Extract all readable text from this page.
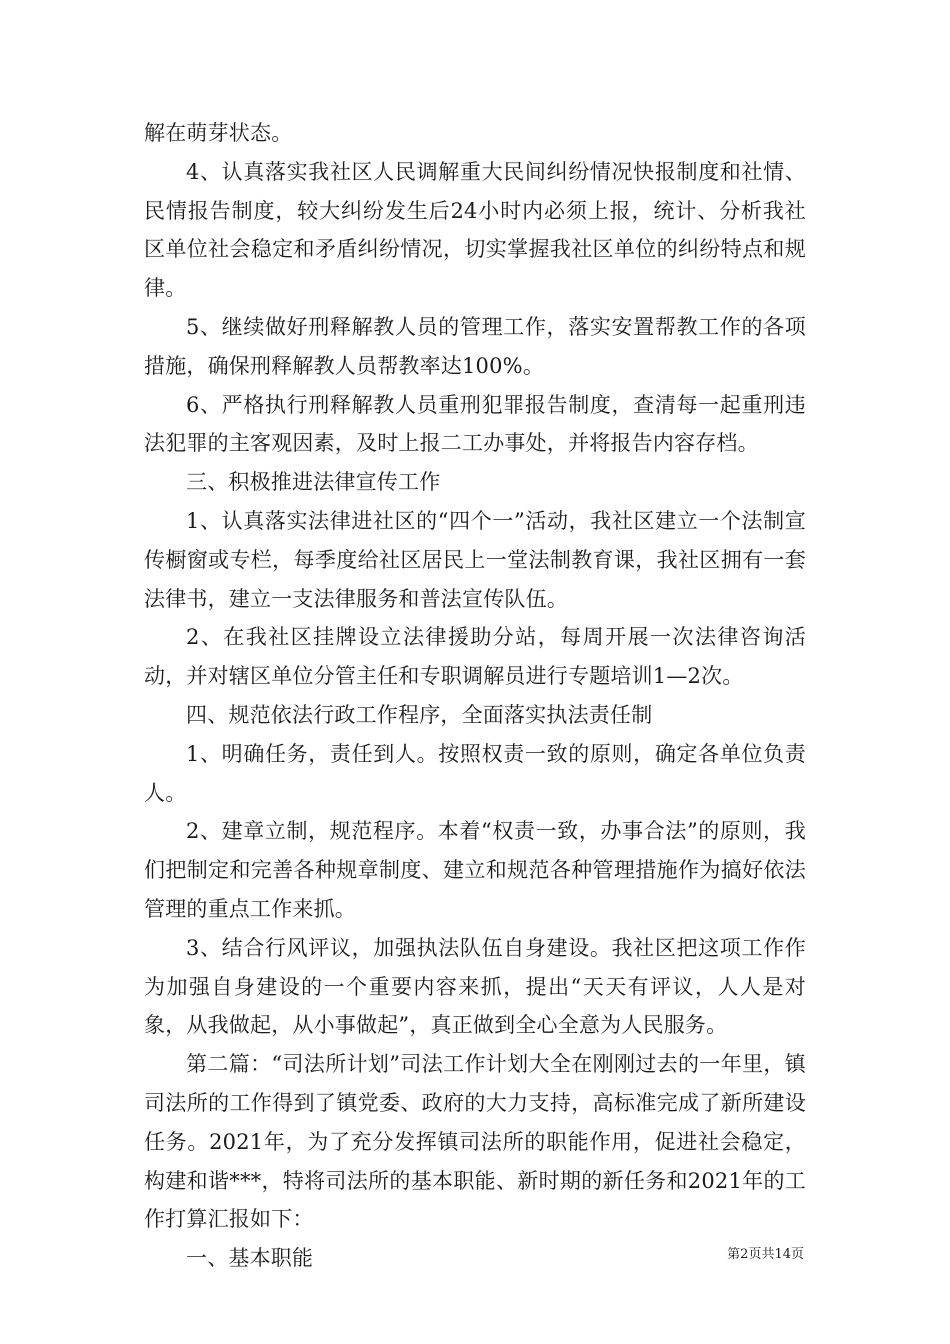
解在萌芽状态。

4、认真落实我社区人民调解重大民间纠纷情况快报制度和社情、民情报告制度，较大纠纷发生后24小时内必须上报，统计、分析我社区单位社会稳定和矛盾纠纷情况，切实掌握我社区单位的纠纷特点和规律。

5、继续做好刑释解教人员的管理工作，落实安置帮教工作的各项措施，确保刑释解教人员帮教率达100%。

6、严格执行刑释解教人员重刑犯罪报告制度，查清每一起重刑违法犯罪的主客观因素，及时上报二工办事处，并将报告内容存档。

三、积极推进法律宣传工作

1、认真落实法律进社区的“四个一”活动，我社区建立一个法制宣传橱窗或专栏，每季度给社区居民上一堂法制教育课，我社区拥有一套法律书，建立一支法律服务和普法宣传队伍。

2、在我社区挂牌设立法律援助分站，每周开展一次法律咨询活动，并对辖区单位分管主任和专职调解员进行专题培训1—2次。

四、规范依法行政工作程序，全面落实执法责任制

1、明确任务，责任到人。按照权责一致的原则，确定各单位负责人。

2、建章立制，规范程序。本着“权责一致，办事合法”的原则，我们把制定和完善各种规章制度、建立和规范各种管理措施作为搞好依法管理的重点工作来抓。

3、结合行风评议，加强执法队伍自身建设。我社区把这项工作作为加强自身建设的一个重要内容来抓，提出“天天有评议，人人是对象，从我做起，从小事做起”，真正做到全心全意为人民服务。

第二篇：“司法所计划”司法工作计划大全在刚刚过去的一年里，镇司法所的工作得到了镇党委、政府的大力支持，高标准完成了新所建设任务。2021年，为了充分发挥镇司法所的职能作用，促进社会稳定，构建和谐***，特将司法所的基本职能、新时期的新任务和2021年的工作打算汇报如下：

一、基本职能	第2页共14页
